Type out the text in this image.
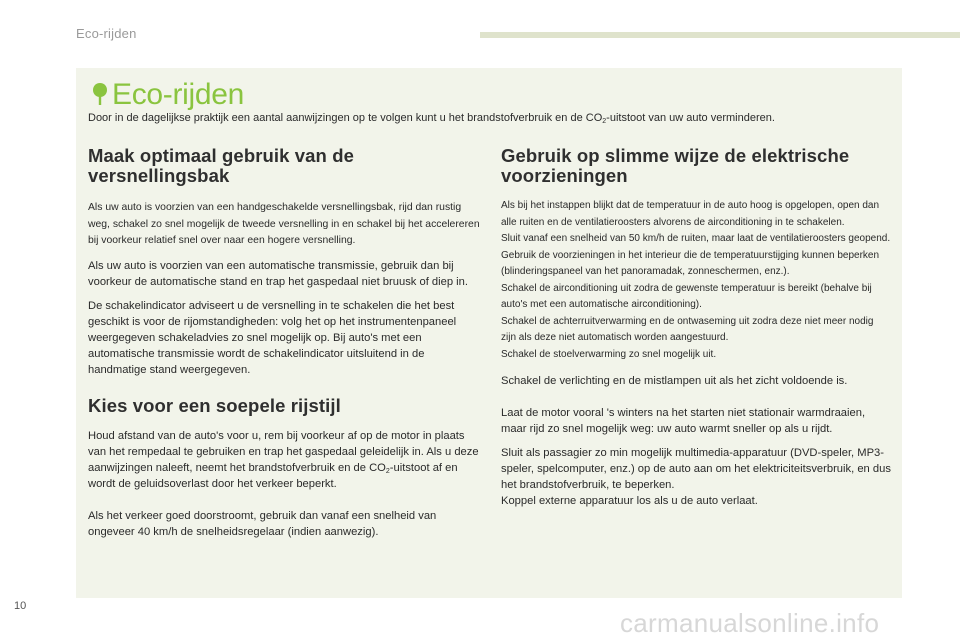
Eco-rijden
Eco-rijden
Door in de dagelijkse praktijk een aantal aanwijzingen op te volgen kunt u het brandstofverbruik en de $CO_2$-uitstoot van uw auto verminderen.
Maak optimaal gebruik van de versnellingsbak

Als uw auto is voorzien van een handgeschakelde versnellingsbak, rijd dan rustig weg, schakel zo snel mogelijk de tweede versnelling in en schakel bij het accelereren bij voorkeur relatief snel over naar een hogere versnelling.

Als uw auto is voorzien van een automatische transmissie, gebruik dan bij voorkeur de automatische stand en trap het gaspedaal niet bruusk of diep in.

De schakelindicator adviseert u de versnelling in te schakelen die het best geschikt is voor de rijomstandigheden: volg het op het instrumentenpaneel weergegeven schakeladvies zo snel mogelijk op. Bij auto's met een automatische transmissie wordt de schakelindicator uitsluitend in de handmatige stand weergegeven.

Kies voor een soepele rijstijl

Houd afstand van de auto's voor u, rem bij voorkeur af op de motor in plaats van het rempedaal te gebruiken en trap het gaspedaal geleidelijk in. Als u deze aanwijzingen naleeft, neemt het brandstofverbruik en de $CO_2$-uitstoot af en wordt de geluidsoverlast door het verkeer beperkt.

Als het verkeer goed doorstroomt, gebruik dan vanaf een snelheid van ongeveer 40 km/h de snelheidsregelaar (indien aanwezig).

Gebruik op slimme wijze de elektrische voorzieningen

Als bij het instappen blijkt dat de temperatuur in de auto hoog is opgelopen, open dan alle ruiten en de ventilatieroosters alvorens de airconditioning in te schakelen.

Sluit vanaf een snelheid van 50 km/h de ruiten, maar laat de ventilatieroosters geopend.

Gebruik de voorzieningen in het interieur die de temperatuurstijging kunnen beperken (blinderingspaneel van het panoramadak, zonneschermen, enz.).

Schakel de airconditioning uit zodra de gewenste temperatuur is bereikt (behalve bij auto's met een automatische airconditioning).

Schakel de achterruitverwarming en de ontwaseming uit zodra deze niet meer nodig zijn als deze niet automatisch worden aangestuurd.

Schakel de stoelverwarming zo snel mogelijk uit.

Schakel de verlichting en de mistlampen uit als het zicht voldoende is.

Laat de motor vooral 's winters na het starten niet stationair warmdraaien, maar rijd zo snel mogelijk weg: uw auto warmt sneller op als u rijdt.

Sluit als passagier zo min mogelijk multimedia-apparatuur (DVD-speler, MP3-speler, spelcomputer, enz.) op de auto aan om het elektriciteitsverbruik, en dus het brandstofverbruik, te beperken.

Koppel externe apparatuur los als u de auto verlaat.

10
carmanualsonline.info
